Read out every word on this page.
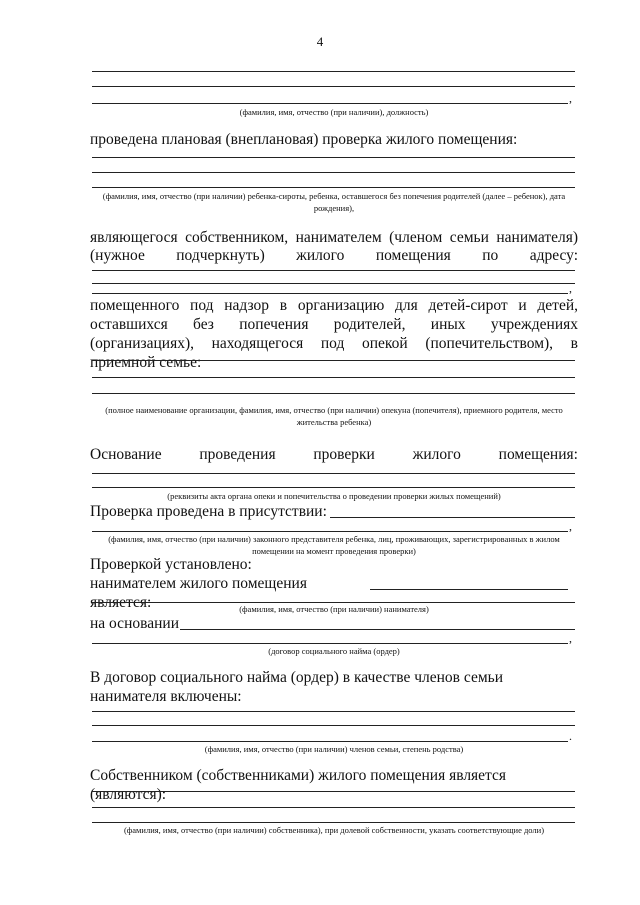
4
,
(фамилия, имя, отчество (при наличии), должность)
проведена плановая (внеплановая) проверка жилого помещения:
(фамилия, имя, отчество (при наличии) ребенка-сироты, ребенка, оставшегося без попечения родителей (далее – ребенок), дата рождения),
являющегося собственником, нанимателем (членом семьи нанимателя)
(нужное подчеркнуть) жилого помещения по адресу:
,
помещенного под надзор в организацию для детей-сирот и детей, оставшихся без попечения родителей, иных учреждениях (организациях), находящегося под опекой (попечительством), в приемной семье:
(полное наименование организации, фамилия, имя, отчество (при наличии) опекуна (попечителя), приемного родителя, место жительства ребенка)
Основание проведения проверки жилого помещения:
(реквизиты акта органа опеки и попечительства о проведении проверки жилых помещений)
Проверка проведена в присутствии:
,
(фамилия, имя, отчество (при наличии) законного представителя ребенка, лиц, проживающих, зарегистрированных в жилом помещении на момент проведения проверки)
Проверкой установлено:
нанимателем жилого помещения является:	(фамилия, имя, отчество (при наличии) нанимателя)
на основании
,
(договор социального найма (ордер)
В договор социального найма (ордер) в качестве членов семьи нанимателя включены:
.
(фамилия, имя, отчество (при наличии) членов семьи, степень родства)
Собственником (собственниками) жилого помещения является (являются):
(фамилия, имя, отчество (при наличии) собственника), при долевой собственности, указать соответствующие доли)
